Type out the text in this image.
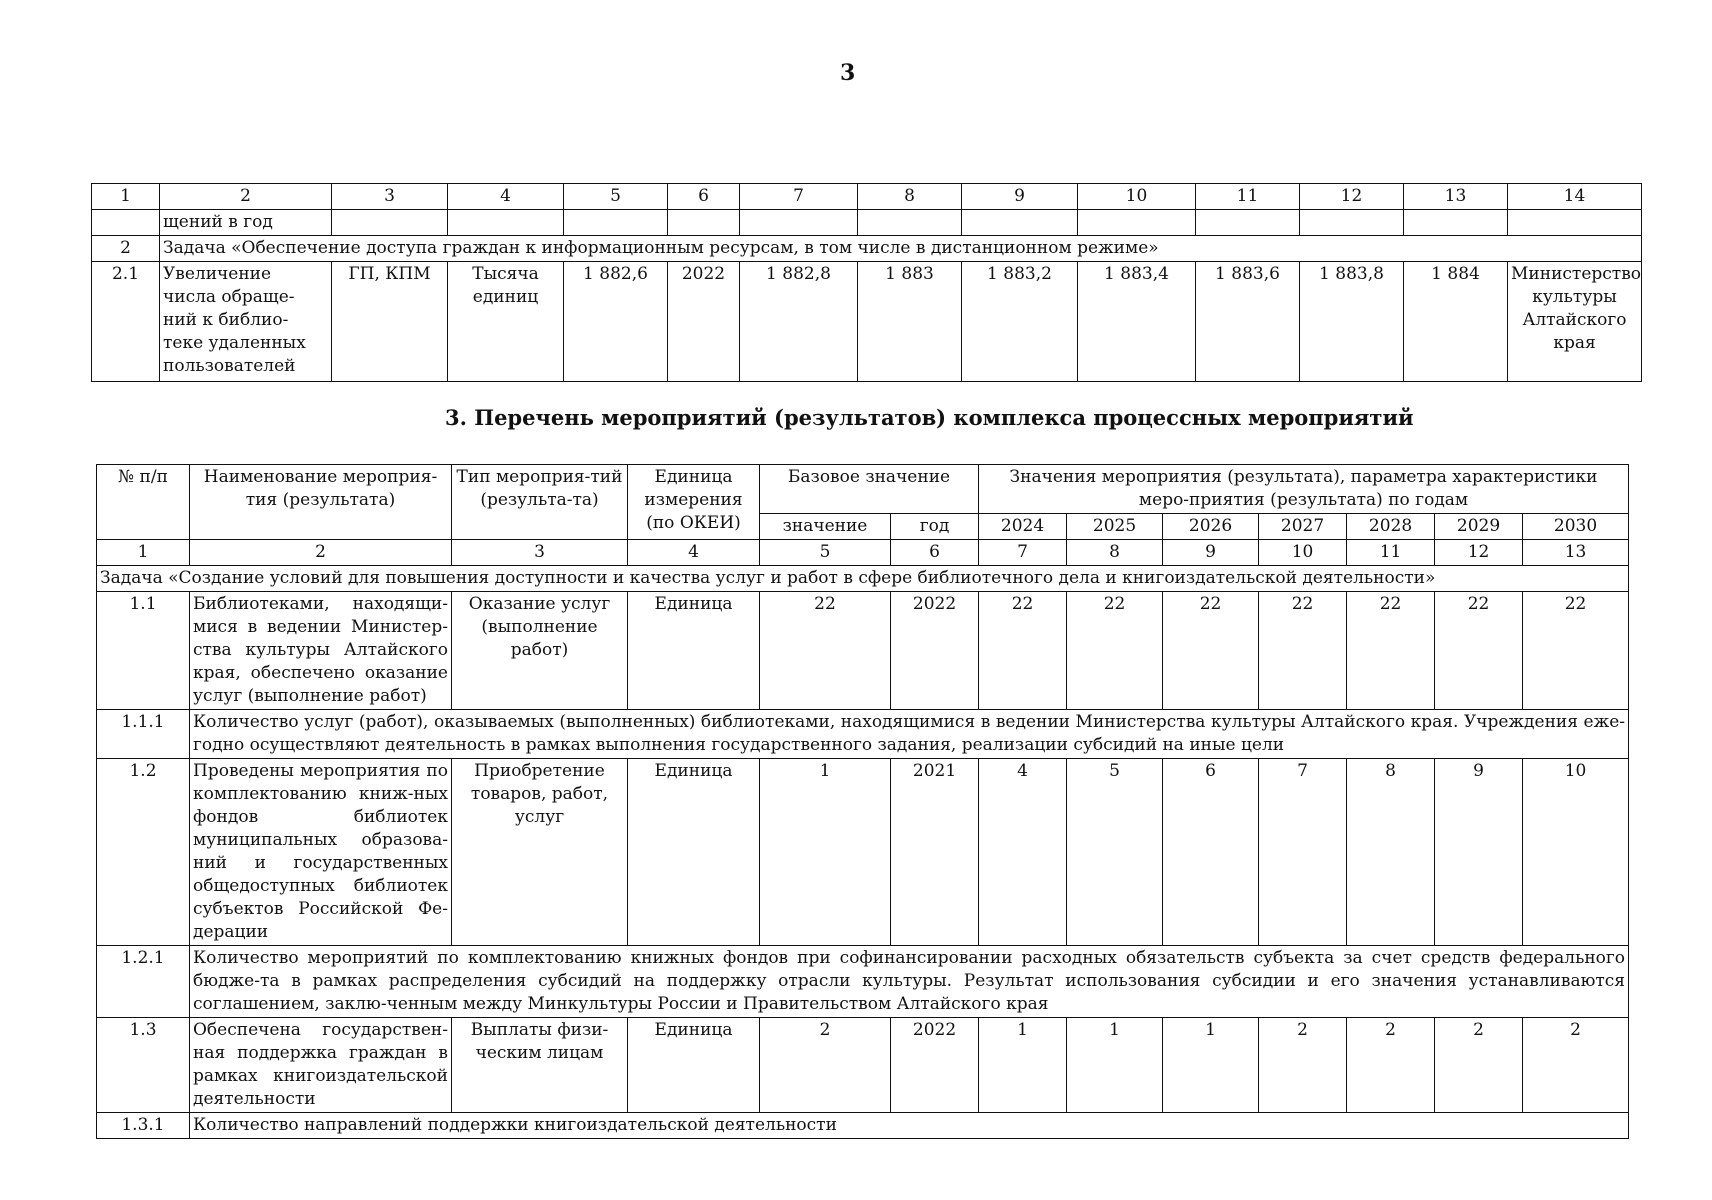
3
1	2	3	4	5	6	7	8	9	10	11	12	13	14
	щений в год												
2	Задача «Обеспечение доступа граждан к информационным ресурсам, в том числе в дистанционном режиме»												
2.1	Увеличение числа обраще-ний к библио-теке удаленных пользователей	ГП, КПМ	Тысяча единиц	1 882,6	2022	1 882,8	1 883	1 883,2	1 883,4	1 883,6	1 883,8	1 884	Министерство культуры Алтайского края
3. Перечень мероприятий (результатов) комплекса процессных мероприятий
№ п/п	Наименование мероприя-тия (результата)	Тип мероприя-тий (результа-та)	Единица измерения (по ОКЕИ)	Базовое значение		Значения мероприятия (результата), параметра характеристики меро-приятия (результата) по годам						
				значение	год	2024	2025	2026	2027	2028	2029	2030
1	2	3	4	5	6	7	8	9	10	11	12	13
Задача «Создание условий для повышения доступности и качества услуг и работ в сфере библиотечного дела и книгоиздательской деятельности»												
1.1	Библиотеками, находящи-мися в ведении Министер-ства культуры Алтайского края, обеспечено оказание услуг (выполнение работ)	Оказание услуг (выполнение работ)	Единица	22	2022	22	22	22	22	22	22	22
1.1.1	Количество услуг (работ), оказываемых (выполненных) библиотеками, находящимися в ведении Министерства культуры Алтайского края. Учреждения еже-годно осуществляют деятельность в рамках выполнения государственного задания, реализации субсидий на иные цели											
1.2	Проведены мероприятия по комплектованию книж-ных фондов библиотек муниципальных образова-ний и государственных общедоступных библиотек субъектов Российской Фе-дерации	Приобретение товаров, работ, услуг	Единица	1	2021	4	5	6	7	8	9	10
1.2.1	Количество мероприятий по комплектованию книжных фондов при софинансировании расходных обязательств субъекта за счет средств федерального бюдже-та в рамках распределения субсидий на поддержку отрасли культуры. Результат использования субсидии и его значения устанавливаются соглашением, заклю-ченным между Минкультуры России и Правительством Алтайского края											
1.3	Обеспечена государствен-ная поддержка граждан в рамках книгоиздательской деятельности	Выплаты физи-ческим лицам	Единица	2	2022	1	1	1	2	2	2	2
1.3.1	Количество направлений поддержки книгоиздательской деятельности											
